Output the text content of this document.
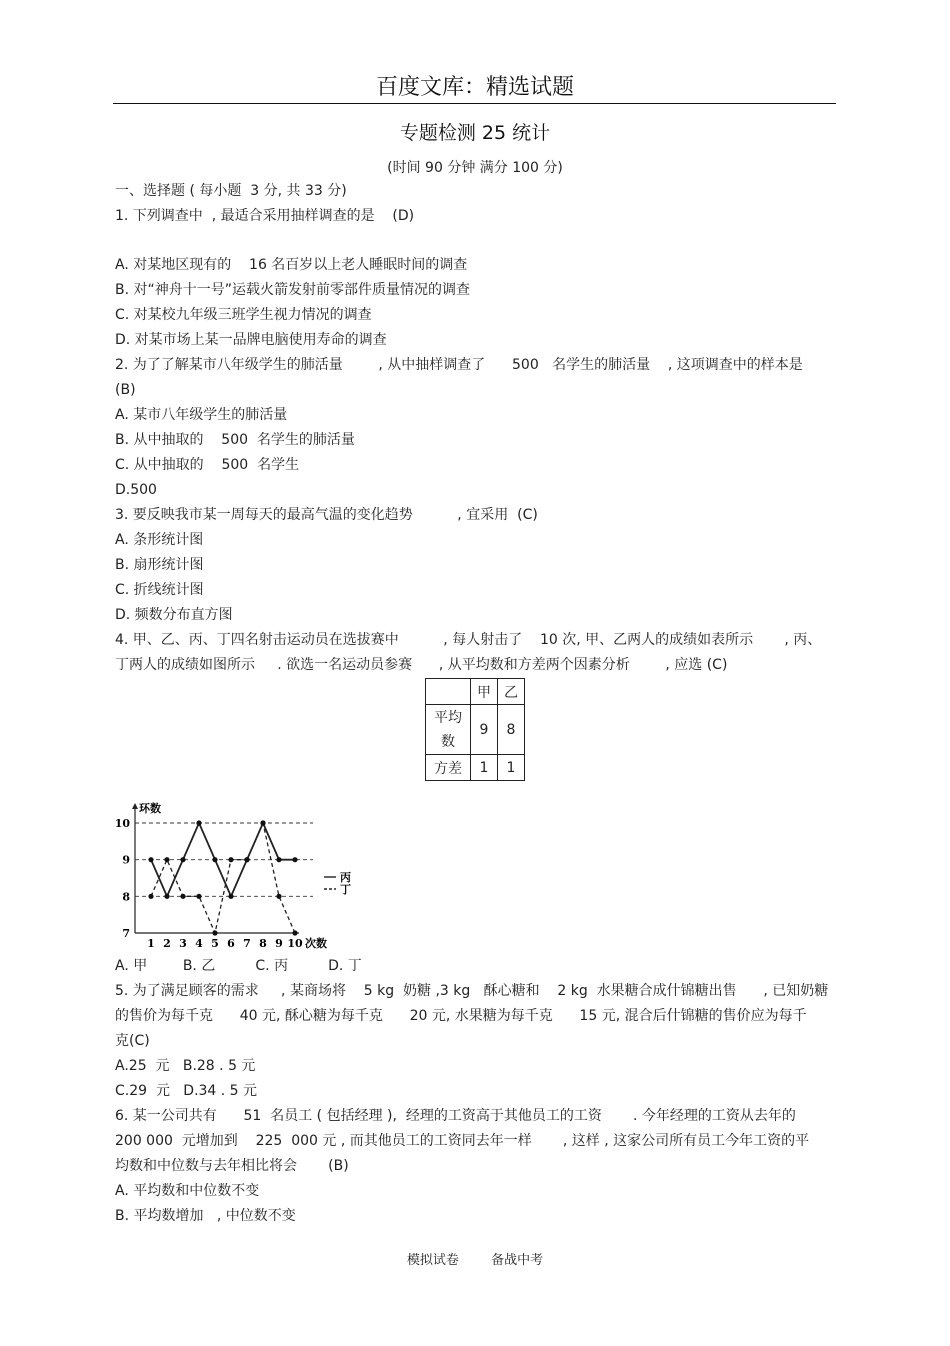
百度文库：精选试题
专题检测 25 统计
(时间 90 分钟 满分 100 分)
一、选择题 ( 每小题  3 分, 共 33 分)
1. 下列调查中  , 最适合采用抽样调查的是    (D)
A. 对某地区现有的    16 名百岁以上老人睡眠时间的调查
B. 对“神舟十一号”运载火箭发射前零部件质量情况的调查
C. 对某校九年级三班学生视力情况的调查
D. 对某市场上某一品牌电脑使用寿命的调查
2. 为了了解某市八年级学生的肺活量        , 从中抽样调查了      500   名学生的肺活量    , 这项调查中的样本是
(B)
A. 某市八年级学生的肺活量
B. 从中抽取的    500  名学生的肺活量
C. 从中抽取的    500  名学生
D.500
3. 要反映我市某一周每天的最高气温的变化趋势          , 宜采用  (C)
A. 条形统计图
B. 扇形统计图
C. 折线统计图
D. 频数分布直方图
4. 甲、乙、丙、丁四名射击运动员在选拔赛中          , 每人射击了    10 次, 甲、乙两人的成绩如表所示       , 丙、
丁两人的成绩如图所示     . 欲选一名运动员参赛      , 从平均数和方差两个因素分析        , 应选 (C)
	甲	乙
平均
数	9	8
方差	1	1
7
8
9
10
1 2 3 4 5 6 7 8 9 10
环数
次数
丙
丁
A. 甲        B. 乙         C. 丙         D. 丁
5. 为了满足顾客的需求     , 某商场将    5 kg  奶糖 ,3 kg   酥心糖和    2 kg  水果糖合成什锦糖出售      , 已知奶糖
的售价为每千克      40 元, 酥心糖为每千克      20 元, 水果糖为每千克      15 元, 混合后什锦糖的售价应为每千
克(C)
A.25  元   B.28 . 5 元
C.29  元   D.34 . 5 元
6. 某一公司共有      51  名员工 ( 包括经理 ),  经理的工资高于其他员工的工资       . 今年经理的工资从去年的
200 000  元增加到    225  000 元 , 而其他员工的工资同去年一样       , 这样 , 这家公司所有员工今年工资的平
均数和中位数与去年相比将会       (B)
A. 平均数和中位数不变
B. 平均数增加   , 中位数不变
模拟试卷 备战中考
